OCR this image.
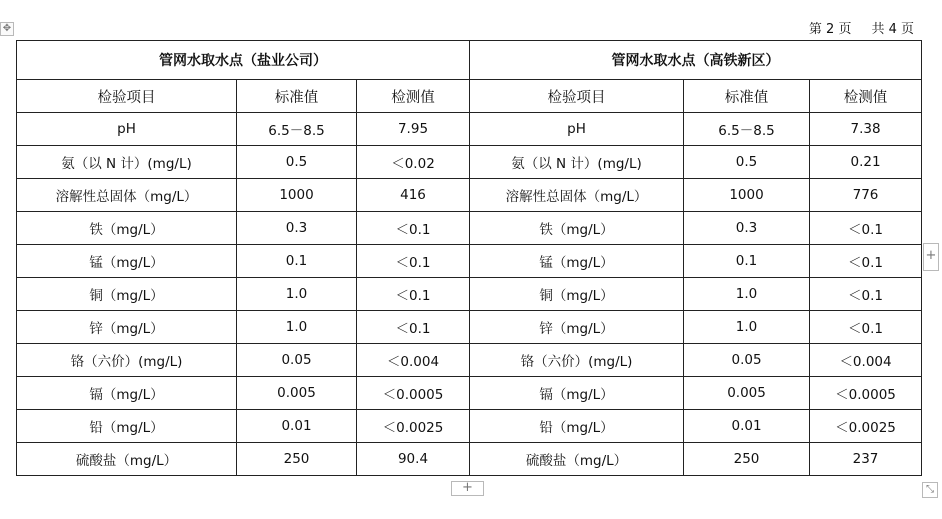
第 2 页 共 4 页
✥
管网水取水点（盐业公司）			管网水取水点（高铁新区）		
检验项目	标准值	检测值	检验项目	标准值	检测值
pH	6.5－8.5	7.95	pH	6.5－8.5	7.38
氨（以 N 计）(mg/L)	0.5	＜0.02	氨（以 N 计）(mg/L)	0.5	0.21
溶解性总固体（mg/L）	1000	416	溶解性总固体（mg/L）	1000	776
铁（mg/L）	0.3	＜0.1	铁（mg/L）	0.3	＜0.1
锰（mg/L）	0.1	＜0.1	锰（mg/L）	0.1	＜0.1
铜（mg/L）	1.0	＜0.1	铜（mg/L）	1.0	＜0.1
锌（mg/L）	1.0	＜0.1	锌（mg/L）	1.0	＜0.1
铬（六价）(mg/L)	0.05	＜0.004	铬（六价）(mg/L)	0.05	＜0.004
镉（mg/L）	0.005	＜0.0005	镉（mg/L）	0.005	＜0.0005
铅（mg/L）	0.01	＜0.0025	铅（mg/L）	0.01	＜0.0025
硫酸盐（mg/L）	250	90.4	硫酸盐（mg/L）	250	237
+
+	⤡
